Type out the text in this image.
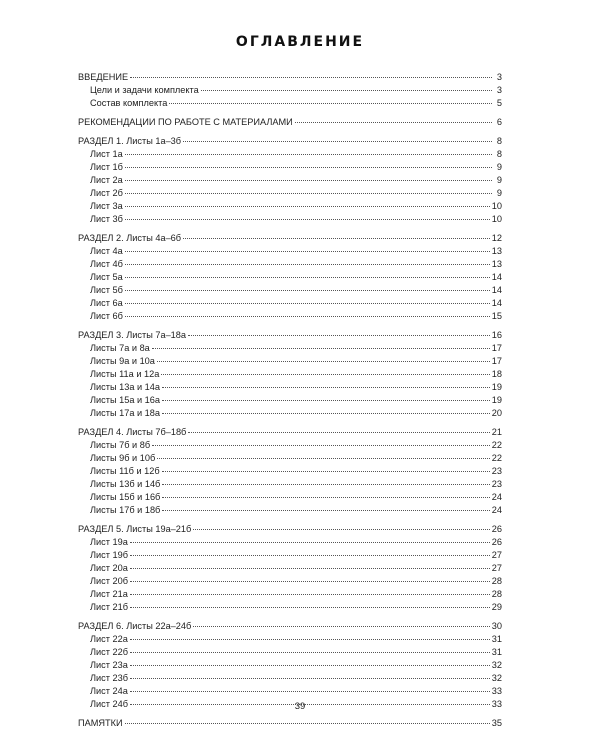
ОГЛАВЛЕНИЕ
ВВЕДЕНИЕ	3
Цели и задачи комплекта	3
Состав комплекта	5
РЕКОМЕНДАЦИИ ПО РАБОТЕ С МАТЕРИАЛАМИ	6
РАЗДЕЛ 1. Листы 1а–3б	8
Лист 1а	8
Лист 1б	9
Лист 2а	9
Лист 2б	9
Лист 3а	10
Лист 3б	10
РАЗДЕЛ 2. Листы 4а–6б	12
Лист 4а	13
Лист 4б	13
Лист 5а	14
Лист 5б	14
Лист 6а	14
Лист 6б	15
РАЗДЕЛ 3. Листы 7а–18а	16
Листы 7а и 8а	17
Листы 9а и 10а	17
Листы 11а и 12а	18
Листы 13а и 14а	19
Листы 15а и 16а	19
Листы 17а и 18а	20
РАЗДЕЛ 4. Листы 7б–18б	21
Листы 7б и 8б	22
Листы 9б и 10б	22
Листы 11б и 12б	23
Листы 13б и 14б	23
Листы 15б и 16б	24
Листы 17б и 18б	24
РАЗДЕЛ 5. Листы 19а–21б	26
Лист 19а	26
Лист 19б	27
Лист 20а	27
Лист 20б	28
Лист 21а	28
Лист 21б	29
РАЗДЕЛ 6. Листы 22а–24б	30
Лист 22а	31
Лист 22б	31
Лист 23а	32
Лист 23б	32
Лист 24а	33
Лист 24б	33
ПАМЯТКИ	35
39
